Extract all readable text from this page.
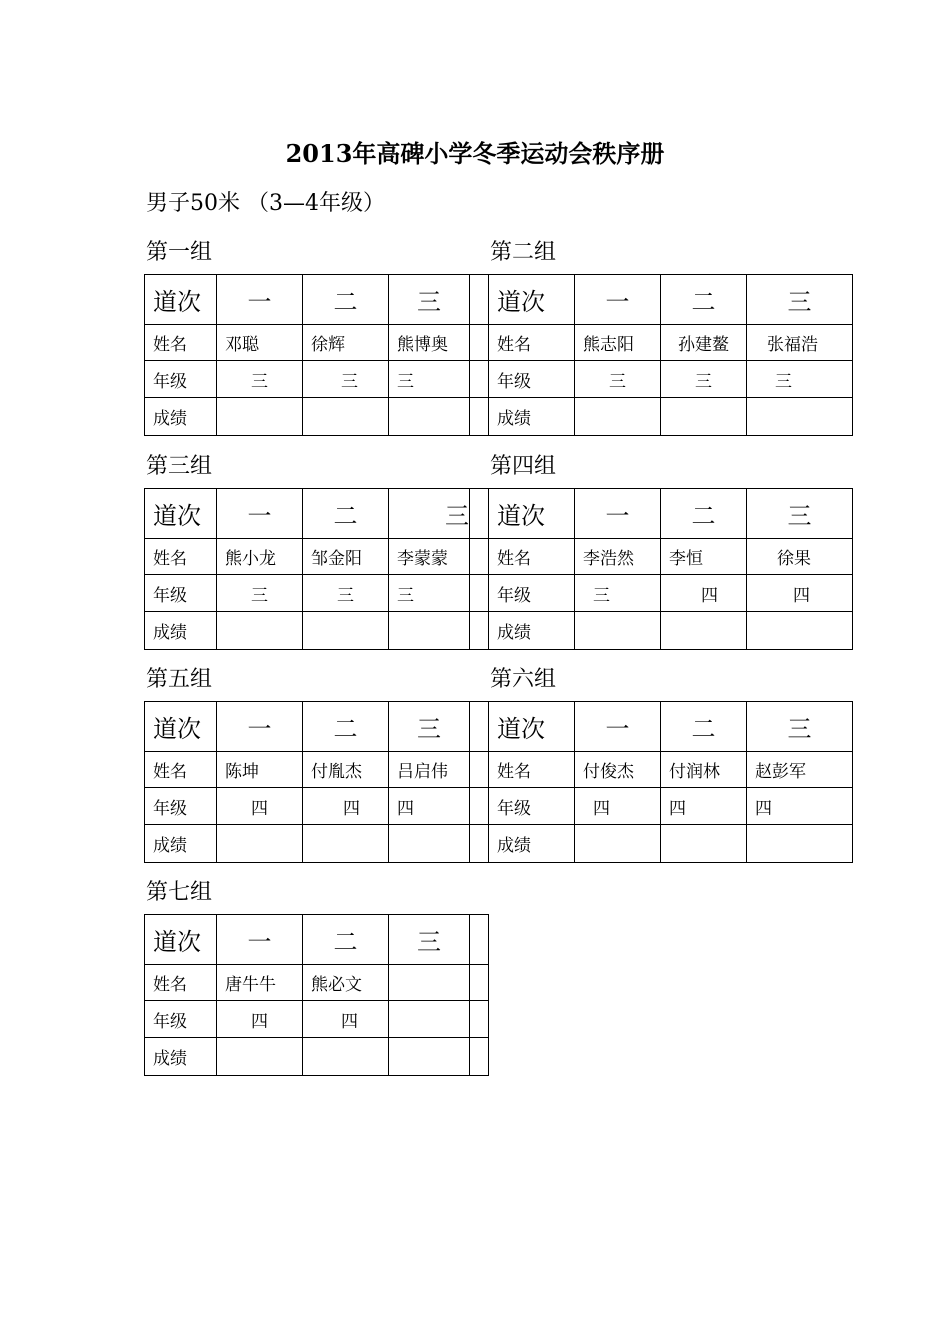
2013年高碑小学冬季运动会秩序册
男子50米 （3—4年级）
第一组	第二组
第三组	第四组
第五组	第六组
第七组
道次	一	二	三		道次	一	二	三
姓名	邓聪	徐辉	熊博奥		姓名	熊志阳	孙建鳌	张福浩
年级	三	三	三		年级	三	三	三
成绩					成绩			
道次	一	二	三		道次	一	二	三
姓名	熊小龙	邹金阳	李蒙蒙		姓名	李浩然	李恒	徐果
年级	三	三	三		年级	三	四	四
成绩					成绩			
道次	一	二	三		道次	一	二	三
姓名	陈坤	付胤杰	吕启伟		姓名	付俊杰	付润林	赵彭军
年级	四	四	四		年级	四	四	四
成绩					成绩			
道次	一	二	三	
姓名	唐牛牛	熊必文		
年级	四	四		
成绩				
